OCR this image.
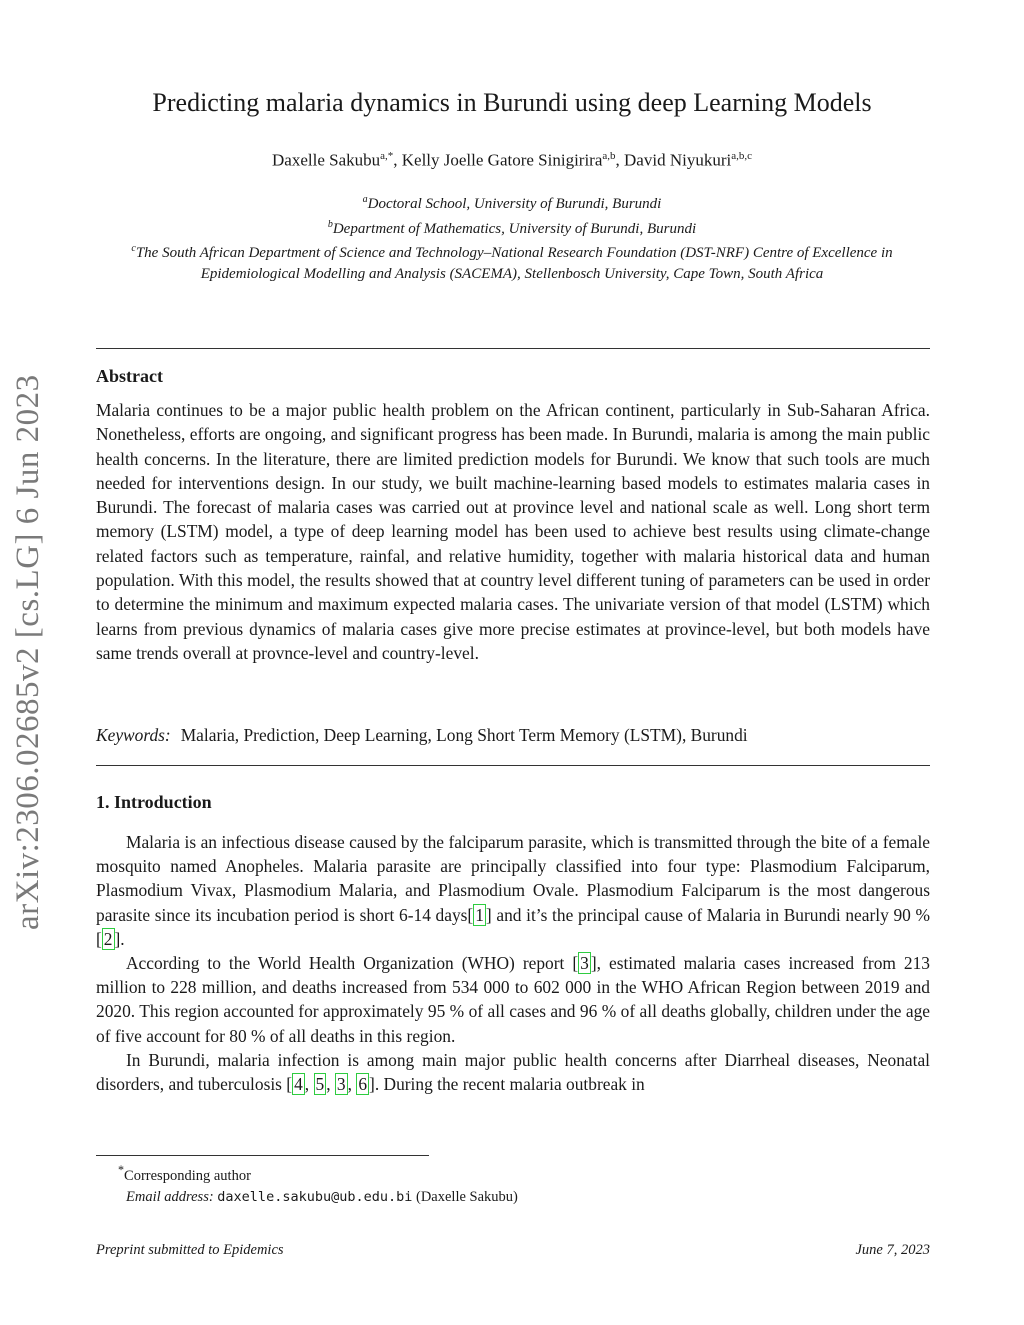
arXiv:2306.02685v2 [cs.LG] 6 Jun 2023
Predicting malaria dynamics in Burundi using deep Learning Models
Daxelle Sakubu$^{a,*}$, Kelly Joelle Gatore Sinigirira$^{a,b}$, David Niyukuri$^{a,b,c}$
$^a$Doctoral School, University of Burundi, Burundi
$^b$Department of Mathematics, University of Burundi, Burundi
$^c$The South African Department of Science and Technology–National Research Foundation (DST-NRF) Centre of Excellence in Epidemiological Modelling and Analysis (SACEMA), Stellenbosch University, Cape Town, South Africa
Abstract
Malaria continues to be a major public health problem on the African continent, particularly in Sub-Saharan Africa. Nonetheless, efforts are ongoing, and significant progress has been made. In Burundi, malaria is among the main public health concerns. In the literature, there are limited prediction models for Burundi. We know that such tools are much needed for interventions design. In our study, we built machine-learning based models to estimates malaria cases in Burundi. The forecast of malaria cases was carried out at province level and national scale as well. Long short term memory (LSTM) model, a type of deep learning model has been used to achieve best results using climate-change related factors such as temperature, rainfal, and relative humidity, together with malaria historical data and human population. With this model, the results showed that at country level different tuning of parameters can be used in order to determine the minimum and maximum expected malaria cases. The univariate version of that model (LSTM) which learns from previous dynamics of malaria cases give more precise estimates at province-level, but both models have same trends overall at provnce-level and country-level.
Keywords: Malaria, Prediction, Deep Learning, Long Short Term Memory (LSTM), Burundi
1. Introduction

Malaria is an infectious disease caused by the falciparum parasite, which is transmitted through the bite of a female mosquito named Anopheles. Malaria parasite are principally classified into four type: Plasmodium Falciparum, Plasmodium Vivax, Plasmodium Malaria, and Plasmodium Ovale. Plasmodium Falciparum is the most dangerous parasite since its incubation period is short 6-14 days[ 1 ] and it’s the principal cause of Malaria in Burundi nearly 90 % [ 2 ].

According to the World Health Organization (WHO) report [ 3 ], estimated malaria cases increased from 213 million to 228 million, and deaths increased from 534 000 to 602 000 in the WHO African Region between 2019 and 2020. This region accounted for approximately 95 % of all cases and 96 % of all deaths globally, children under the age of five account for 80 % of all deaths in this region.

In Burundi, malaria infection is among main major public health concerns after Diarrheal diseases, Neonatal disorders, and tuberculosis [ 4 , 5 , 3 , 6 ]. During the recent malaria outbreak in

*Corresponding author
Email address: daxelle.sakubu@ub.edu.bi (Daxelle Sakubu)
Preprint submitted to Epidemics	June 7, 2023
